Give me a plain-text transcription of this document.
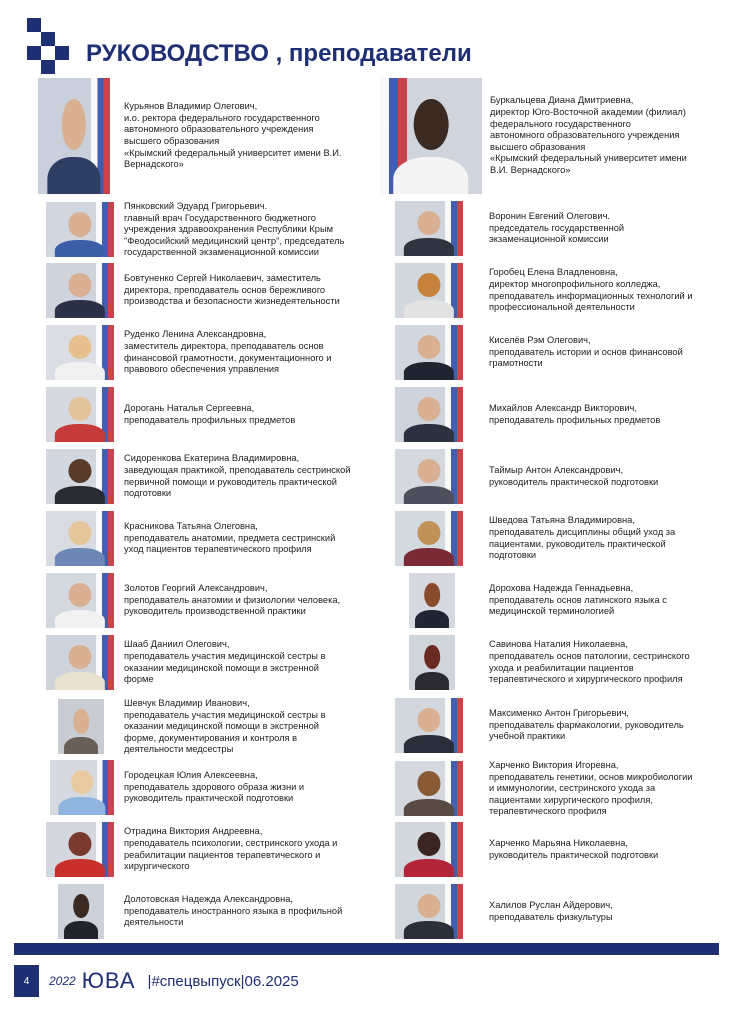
РУКОВОДСТВО , преподаватели
Курьянов Владимир Олегович,
и.о. ректора федерального государственного
автономного образовательного учреждения
высшего образования
«Крымский федеральный университет имени В.И.
Вернадского»
Пянковский Эдуард Григорьевич.
главный врач Государственного бюджетного
учреждения здравоохранения Республики Крым
"Феодосийский медицинский центр", председатель
государственной экзаменационной комиссии
Бовтуненко Сергей Николаевич, заместитель
директора, преподаватель основ бережливого
производства и безопасности жизнедеятельности
Руденко Ленина Александровна,
заместитель директора, преподаватель основ
финансовой грамотности, документационного и
правового обеспечения управления
Дорогань Наталья Сергеевна,
преподаватель профильных предметов
Сидоренкова Екатерина Владимировна,
заведующая практикой, преподаватель сестринской
первичной помощи и руководитель практической
подготовки
Красникова Татьяна Олеговна,
преподаватель анатомии, предмета сестринский
уход пациентов терапевтического профиля
Золотов Георгий Александрович,
преподаватель анатомии и физиологии человека,
руководитель производственной практики
Шааб Даниил Олегович,
преподаватель участия медицинской сестры в
оказании медицинской помощи в экстренной
форме
Шевчук Владимир Иванович,
преподаватель участия медицинской сестры в
оказании медицинской помощи в экстренной
форме, документирования и контроля в
деятельности медсестры
Городецкая Юлия Алексеевна,
преподаватель здорового образа жизни и
руководитель практической подготовки
Отрадина Виктория Андреевна,
преподаватель психологии, сестринского ухода и
реабилитации пациентов терапевтического и
хирургического
Долотовская Надежда Александровна,
преподаватель иностранного языка в профильной
деятельности
Буркальцева Диана Дмитриевна,
директор Юго-Восточной академии (филиал)
федерального государственного
автономного образовательного учреждения
высшего образования
«Крымский федеральный университет имени
В.И. Вернадского»
Воронин Евгений Олегович.
председатель государственной
экзаменационной комиссии
Горобец Елена Владленовна,
директор многопрофильного колледжа,
преподаватель информационных технологий и
профессиональной деятельности
Киселёв Рэм Олегович,
преподаватель истории и основ финансовой
грамотности
Михайлов Александр Викторович,
преподаватель профильных предметов
Таймыр Антон Александрович,
руководитель практической подготовки
Шведова Татьяна Владимировна,
преподаватель дисциплины общий уход за
пациентами, руководитель практической
подготовки
Дорохова Надежда Геннадьевна,
преподаватель основ латинского языка с
медицинской терминологией
Савинова Наталия Николаевна,
преподаватель основ патологии, сестринского
ухода и реабилитации пациентов
терапевтического и хирургического профиля
Максименко Антон Григорьевич,
преподаватель фармакологии, руководитель
учебной практики
Харченко Виктория Игоревна,
преподаватель генетики, основ микробиологии
и иммунологии, сестринского ухода за
пациентами хирургического профиля,
терапевтического профиля
Харченко Марьяна Николаевна,
руководитель практической подготовки
Халилов Руслан Айдерович,
преподаватель физкультуры
4	2022 ЮВА |#спецвыпуск|06.2025
